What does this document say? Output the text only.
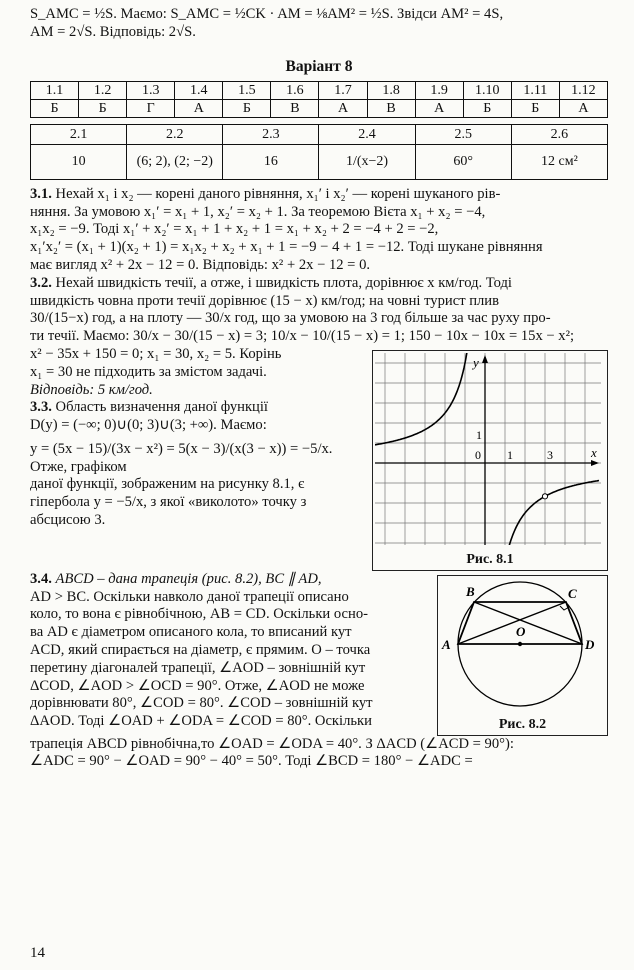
S_AMC = ½S. Маємо: S_AMC = ½CK · AM = ⅛AM² = ½S. Звідси AM² = 4S,
AM = 2√S. Відповідь: 2√S.
Варіант 8
1.1	1.2	1.3	1.4	1.5	1.6	1.7	1.8	1.9	1.10	1.11	1.12
Б	Б	Г	А	Б	В	А	В	А	Б	Б	А
2.1	2.2	2.3	2.4	2.5	2.6
10	(6; 2), (2; −2)	16	1/(x−2)	60°	12 см²
3.1. Нехай x₁ і x₂ — корені даного рівняння, x₁′ і x₂′ — корені шуканого рів-
няння. За умовою x₁′ = x₁ + 1, x₂′ = x₂ + 1. За теоремою Вієта x₁ + x₂ = −4,
x₁x₂ = −9. Тоді x₁′ + x₂′ = x₁ + 1 + x₂ + 1 = x₁ + x₂ + 2 = −4 + 2 = −2,
x₁′x₂′ = (x₁ + 1)(x₂ + 1) = x₁x₂ + x₂ + x₁ + 1 = −9 − 4 + 1 = −12. Тоді шукане рівняння
має вигляд x² + 2x − 12 = 0. Відповідь: x² + 2x − 12 = 0.
3.2. Нехай швидкість течії, а отже, і швидкість плота, дорівнює x км/год. Тоді
швидкість човна проти течії дорівнює (15 − x) км/год; на човні турист плив
30/(15−x) год, а на плоту — 30/x год, що за умовою на 3 год більше за час руху про-
ти течії. Маємо: 30/x − 30/(15 − x) = 3; 10/x − 10/(15 − x) = 1; 150 − 10x − 10x = 15x − x²;
x² − 35x + 150 = 0; x₁ = 30, x₂ = 5. Корінь
x₁ = 30 не підходить за змістом задачі.
Відповідь: 5 км/год.
3.3. Область визначення даної функції
D(y) = (−∞; 0)∪(0; 3)∪(3; +∞). Маємо:
y = (5x − 15)/(3x − x²) = 5(x − 3)/(x(3 − x)) = −5/x. Отже, графіком
даної функції, зображеним на рисунку 8.1, є
гіпербола y = −5/x, з якої «виколото» точку з
абсцисою 3.
y
x
0 1	3
1
Рис. 8.1
3.4. ABCD – дана трапеція (рис. 8.2), BC ∥ AD,
AD > BC. Оскільки навколо даної трапеції описано
коло, то вона є рівнобічною, AB = CD. Оскільки осно-
ва AD є діаметром описаного кола, то вписаний кут
ACD, який спирається на діаметр, є прямим. O – точка
перетину діагоналей трапеції, ∠AOD – зовнішній кут
ΔCOD, ∠AOD > ∠OCD = 90°. Отже, ∠AOD не може
дорівнювати 80°, ∠COD = 80°. ∠COD – зовнішній кут
ΔAOD. Тоді ∠OAD + ∠ODA = ∠COD = 80°. Оскільки
A
B	C
D
O
Рис. 8.2
трапеція ABCD рівнобічна,то ∠OAD = ∠ODA = 40°. З ΔACD (∠ACD = 90°):
∠ADC = 90° − ∠OAD = 90° − 40° = 50°. Тоді ∠BCD = 180° − ∠ADC =
14
